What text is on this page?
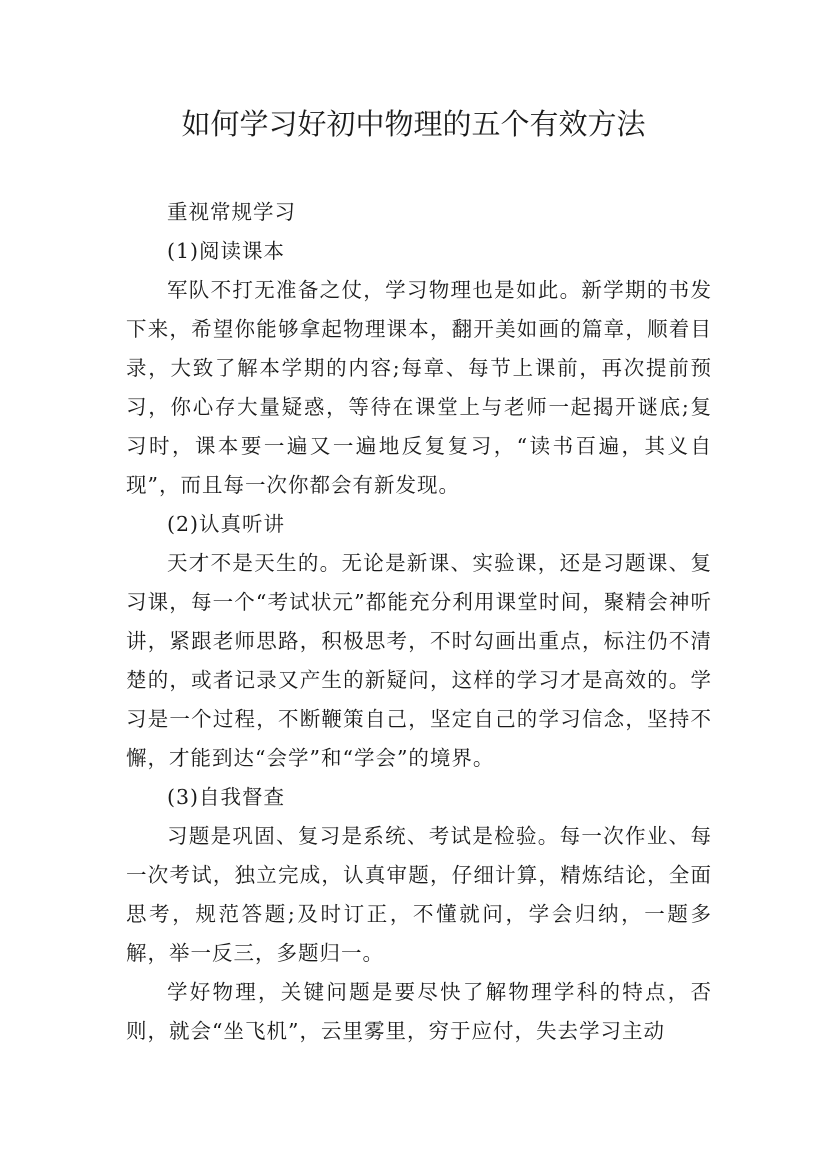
如何学习好初中物理的五个有效方法

重视常规学习

(1)阅读课本

军队不打无准备之仗，学习物理也是如此。新学期的书发下来，希望你能够拿起物理课本，翻开美如画的篇章，顺着目录，大致了解本学期的内容;每章、每节上课前，再次提前预习，你心存大量疑惑，等待在课堂上与老师一起揭开谜底;复习时，课本要一遍又一遍地反复复习，“读书百遍，其义自现”，而且每一次你都会有新发现。

(2)认真听讲

天才不是天生的。无论是新课、实验课，还是习题课、复习课，每一个“考试状元”都能充分利用课堂时间，聚精会神听讲，紧跟老师思路，积极思考，不时勾画出重点，标注仍不清楚的，或者记录又产生的新疑问，这样的学习才是高效的。学习是一个过程，不断鞭策自己，坚定自己的学习信念，坚持不懈，才能到达“会学”和“学会”的境界。

(3)自我督查

习题是巩固、复习是系统、考试是检验。每一次作业、每一次考试，独立完成，认真审题，仔细计算，精炼结论，全面思考，规范答题;及时订正，不懂就问，学会归纳，一题多解，举一反三，多题归一。

学好物理，关键问题是要尽快了解物理学科的特点，否则，就会“坐飞机”，云里雾里，穷于应付，失去学习主动
